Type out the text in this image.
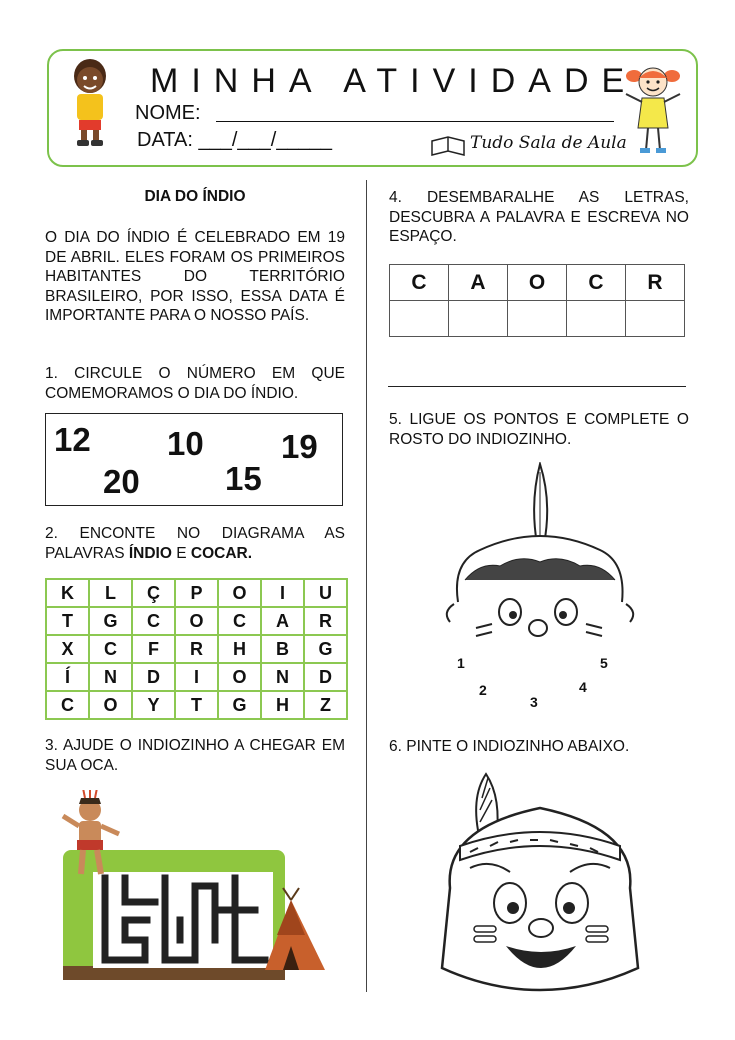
MINHA ATIVIDADE
NOME:
DATA: ___/___/_____	Tudo Sala de Aula
DIA DO ÍNDIO
O DIA DO ÍNDIO É CELEBRADO EM 19 DE ABRIL. ELES FORAM OS PRIMEIROS HABITANTES DO TERRITÓRIO BRASILEIRO, POR ISSO, ESSA DATA É IMPORTANTE PARA O NOSSO PAÍS.
1. CIRCULE O NÚMERO EM QUE COMEMORAMOS O DIA DO ÍNDIO.
12 10 19
20	15
2. ENCONTE NO DIAGRAMA AS PALAVRAS ÍNDIO E COCAR.
K	L	Ç	P	O	I	U
T	G	C	O	C	A	R
X	C	F	R	H	B	G
Í	N	D	I	O	N	D
C	O	Y	T	G	H	Z
3. AJUDE O INDIOZINHO A CHEGAR EM SUA OCA.
4. DESEMBARALHE AS LETRAS, DESCUBRA A PALAVRA E ESCREVA NO ESPAÇO.
C	A	O	C	R

5. LIGUE OS PONTOS E COMPLETE O ROSTO DO INDIOZINHO.
1
2
3
4
5
6. PINTE O INDIOZINHO ABAIXO.
